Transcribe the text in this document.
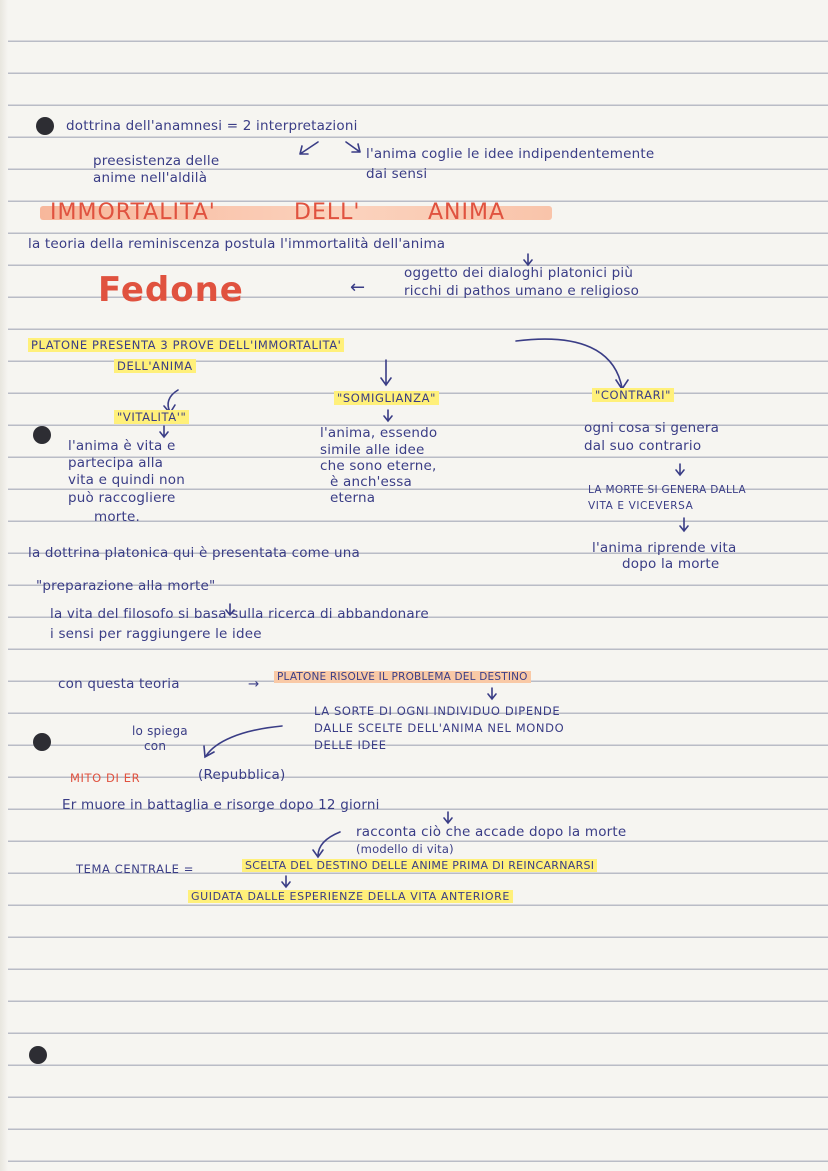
dottrina dell'anamnesi = 2 interpretazioni
preesistenza delle
anime nell'aldilà
l'anima coglie le idee indipendentemente
dai sensi
IMMORTALITA'	DELL'	ANIMA
la teoria della reminiscenza postula l'immortalità dell'anima
Fedone	←
oggetto dei dialoghi platonici più
ricchi di pathos umano e religioso
PLATONE PRESENTA 3 PROVE DELL'IMMORTALITA'
DELL'ANIMA
"VITALITA'"
l'anima è vita e
partecipa alla
vita e quindi non
può raccogliere
morte.
"SOMIGLIANZA"
l'anima, essendo
simile alle idee
che sono eterne,
è anch'essa
eterna
"CONTRARI"
ogni cosa si genera
dal suo contrario
LA MORTE SI GENERA DALLA
VITA E VICEVERSA
l'anima riprende vita
dopo la morte
la dottrina platonica qui è presentata come una
"preparazione alla morte"
la vita del filosofo si basa sulla ricerca di abbandonare
i sensi per raggiungere le idee
con questa teoria	→ PLATONE RISOLVE IL PROBLEMA DEL DESTINO
LA SORTE DI OGNI INDIVIDUO DIPENDE
DALLE SCELTE DELL'ANIMA NEL MONDO
DELLE IDEE
lo spiega
con
MITO DI ER	(Repubblica)
Er muore in battaglia e risorge dopo 12 giorni
racconta ciò che accade dopo la morte
(modello di vita)
TEMA CENTRALE =	SCELTA DEL DESTINO DELLE ANIME PRIMA DI REINCARNARSI
GUIDATA DALLE ESPERIENZE DELLA VITA ANTERIORE
